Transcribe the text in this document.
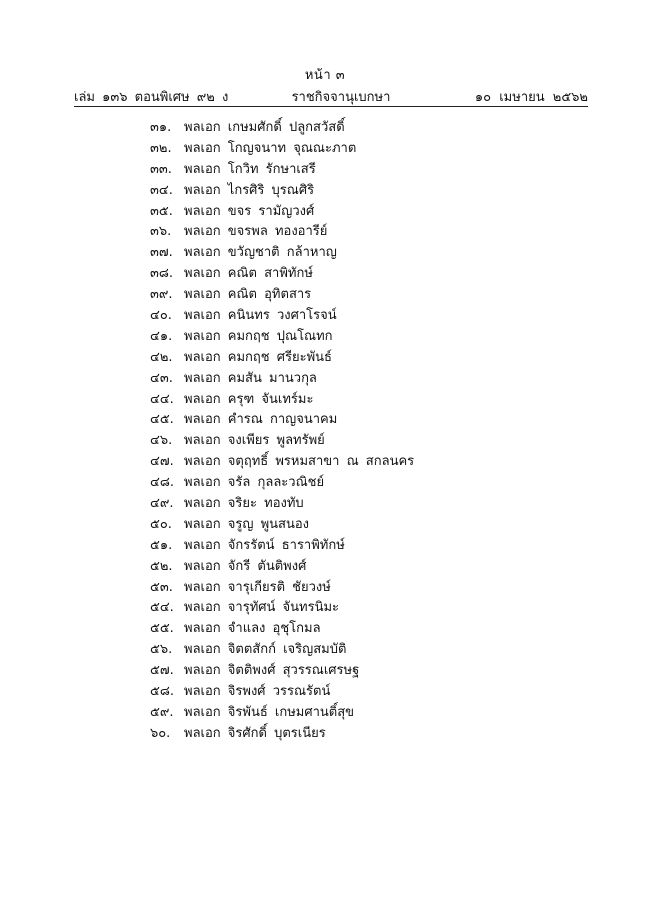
หน้า ๓
เล่ม ๑๓๖ ตอนพิเศษ ๙๒ ง	ราชกิจจานุเบกษา	๑๐ เมษายน ๒๕๖๒
๓๑. พลเอก เกษมศักดิ์ ปลูกสวัสดิ์
๓๒. พลเอก โกญจนาท จุณณะภาต
๓๓. พลเอก โกวิท รักษาเสรี
๓๔. พลเอก ไกรศิริ บุรณศิริ
๓๕. พลเอก ขจร รามัญวงศ์
๓๖. พลเอก ขจรพล ทองอารีย์
๓๗. พลเอก ขวัญชาติ กล้าหาญ
๓๘. พลเอก คณิต สาพิทักษ์
๓๙. พลเอก คณิต อุทิตสาร
๔๐. พลเอก คนินทร วงศาโรจน์
๔๑. พลเอก คมกฤช ปุณโณทก
๔๒. พลเอก คมกฤช ศรียะพันธ์
๔๓. พลเอก คมสัน มานวกุล
๔๔. พลเอก ครุฑ จันเทร์มะ
๔๕. พลเอก คำรณ กาญจนาคม
๔๖. พลเอก จงเพียร พูลทรัพย์
๔๗. พลเอก จตุฤทธิ์ พรหมสาขา ณ สกลนคร
๔๘. พลเอก จรัล กุลละวณิชย์
๔๙. พลเอก จริยะ ทองทับ
๕๐. พลเอก จรูญ พูนสนอง
๕๑. พลเอก จักรรัตน์ ธาราพิทักษ์
๕๒. พลเอก จักรี ตันติพงศ์
๕๓. พลเอก จารุเกียรติ ชัยวงษ์
๕๔. พลเอก จารุทัศน์ จันทรนิมะ
๕๕. พลเอก จำแลง อุชุโกมล
๕๖. พลเอก จิตตสักก์ เจริญสมบัติ
๕๗. พลเอก จิตติพงศ์ สุวรรณเศรษฐ
๕๘. พลเอก จิรพงศ์ วรรณรัตน์
๕๙. พลเอก จิรพันธ์ เกษมศานติ์สุข
๖๐. พลเอก จิรศักดิ์ บุตรเนียร
